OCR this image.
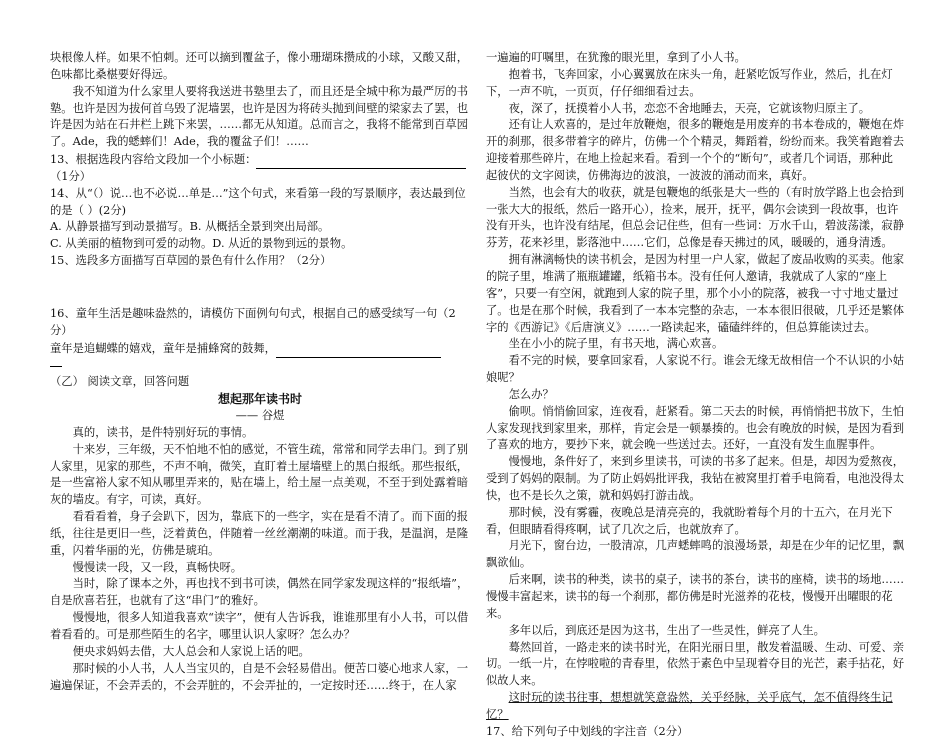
块根像人样。如果不怕刺。还可以摘到覆盆子，像小珊瑚珠攒成的小球，又酸又甜，色味都比桑椹要好得远。

我不知道为什么家里人要将我送进书塾里去了，而且还是全城中称为最严厉的书塾。也许是因为拔何首乌毁了泥墙罢，也许是因为将砖头抛到间壁的梁家去了罢，也许是因为站在石井栏上跳下来罢，……都无从知道。总而言之，我将不能常到百草园了。Ade，我的蟋蟀们！Ade，我的覆盆子们！……

13、根据选段内容给文段加一个小标题： （1分）

14、从“（）说…也不必说…单是…”这个句式，来看第一段的写景顺序，表达最到位的是（ ）(2分)

A. 从静景描写到动景描写。B. 从概括全景到突出局部。

C. 从美丽的植物到可爱的动物。D. 从近的景物到远的景物。

15、选段多方面描写百草园的景色有什么作用？（2分）

16、童年生活是趣味盎然的，请模仿下面例句句式，根据自己的感受续写一句（2分）

童年是追蝴蝶的嬉戏，童年是捕蜂窝的鼓舞，

（乙） 阅读文章，回答问题

想起那年读书时

—— 谷煜

真的，读书，是件特别好玩的事情。

十来岁，三年级，天不怕地不怕的感觉，不管生疏，常常和同学去串门。到了别人家里，见家的那些，不声不响，微笑，直盯着土屋墙壁上的黑白报纸。那些报纸，是一些富裕人家不知从哪里弄来的，贴在墙上，给土屋一点美观，不至于到处露着暗灰的墙皮。有字，可读，真好。

看看看着，身子会趴下，因为，靠底下的一些字，实在是看不清了。而下面的报纸，往往是更旧一些，泛着黄色，伴随着一丝丝潮潮的味道。而于我，是温润，是隆重，闪着华丽的光，仿佛是琥珀。

慢慢读一段，又一段，真畅快呀。

当时，除了课本之外，再也找不到书可读，偶然在同学家发现这样的“报纸墙”，自是欣喜若狂，也就有了这“串门”的雅好。

慢慢地，很多人知道我喜欢“读字”，便有人告诉我，谁谁那里有小人书，可以借着看看的。可是那些陌生的名字，哪里认识人家呀？怎么办？

便央求妈妈去借，大人总会和人家说上话的吧。

那时候的小人书，人人当宝贝的，自是不会轻易借出。便苦口婆心地求人家，一遍遍保证，不会弄丢的，不会弄脏的，不会弄扯的，一定按时还……终于，在人家

一遍遍的叮嘱里，在犹豫的眼光里，拿到了小人书。

抱着书，飞奔回家，小心翼翼放在床头一角，赶紧吃饭写作业，然后，扎在灯下，一声不吭，一页页，仔仔细细看过去。

夜，深了，抚摸着小人书，恋恋不舍地睡去，天亮，它就该物归原主了。

还有让人欢喜的，是过年放鞭炮，很多的鞭炮是用废弃的书本卷成的，鞭炮在炸开的刹那，很多带着字的碎片，仿佛一个个精灵，舞蹈着，纷纷而来。我笑着跑着去迎接着那些碎片，在地上捡起来看。看到一个个的“断句”，或者几个词语，那种此起彼伏的文字阅读，仿佛海边的波浪，一波波的涌动而来，真好。

当然，也会有大的收获，就是包鞭炮的纸张是大一些的（有时放学路上也会拾到一张大大的报纸，然后一路开心），捡来，展开，抚平，偶尔会读到一段故事，也许没有开头，也许没有结尾，但总会记住些，但有一些词：万水千山，碧波荡漾，寂静芬芳，花来衫里，影落池中……它们，总像是春天拂过的风，暖暖的，通身清透。

拥有淋漓畅快的读书机会，是因为村里一户人家，做起了废品收购的买卖。他家的院子里，堆满了瓶瓶罐罐，纸箱书本。没有任何人邀请，我就成了人家的“座上客”，只要一有空闲，就跑到人家的院子里，那个小小的院落，被我一寸寸地丈量过了。也是在那个时候，我看到了一本本完整的杂志，一本本很旧很破，几乎还是繁体字的《西游记》《后唐演义》……一路读起来，磕磕绊绊的，但总算能读过去。

坐在小小的院子里，有书天地，满心欢喜。

看不完的时候，要拿回家看，人家说不行。谁会无缘无故相信一个不认识的小姑娘呢？

怎么办？

偷呗。悄悄偷回家，连夜看，赶紧看。第二天去的时候，再悄悄把书放下，生怕人家发现找到家里来，那样，肯定会是一顿暴揍的。也会有晚放的时候，是因为看到了喜欢的地方，要抄下来，就会晚一些送过去。还好，一直没有发生血腥事件。

慢慢地，条件好了，来到乡里读书，可读的书多了起来。但是，却因为爱熬夜，受到了妈妈的限制。为了防止妈妈批评我，我钻在被窝里打着手电筒看，电池没得太快，也不是长久之策，就和妈妈打游击战。

那时候，没有雾霾，夜晚总是清亮亮的，我就盼着每个月的十五六，在月光下看，但眼睛看得疼啊，试了几次之后，也就放弃了。

月光下，窗台边，一股清凉，几声蟋蟀鸣的浪漫场景，却是在少年的记忆里，飘飘欲仙。

后来啊，读书的种类，读书的桌子，读书的茶台，读书的座椅，读书的场地……慢慢丰富起来，读书的每一个刹那，都仿佛是时光滋养的花枝，慢慢开出曜眼的花来。

多年以后，到底还是因为这书，生出了一些灵性，鲜亮了人生。

蓦然回首，一路走来的读书时光，在阳光丽日里，散发着温暖、生动、可爱、亲切。一纸一片，在悖啦啦的青春里，依然于素色中呈现着夺目的光芒，素手拈花，好似故人来。

这时玩的读书往事，想想就笑意盎然，关乎经脉，关乎底气，怎不值得终生记忆？

17、给下列句子中划线的字注音（2分）
